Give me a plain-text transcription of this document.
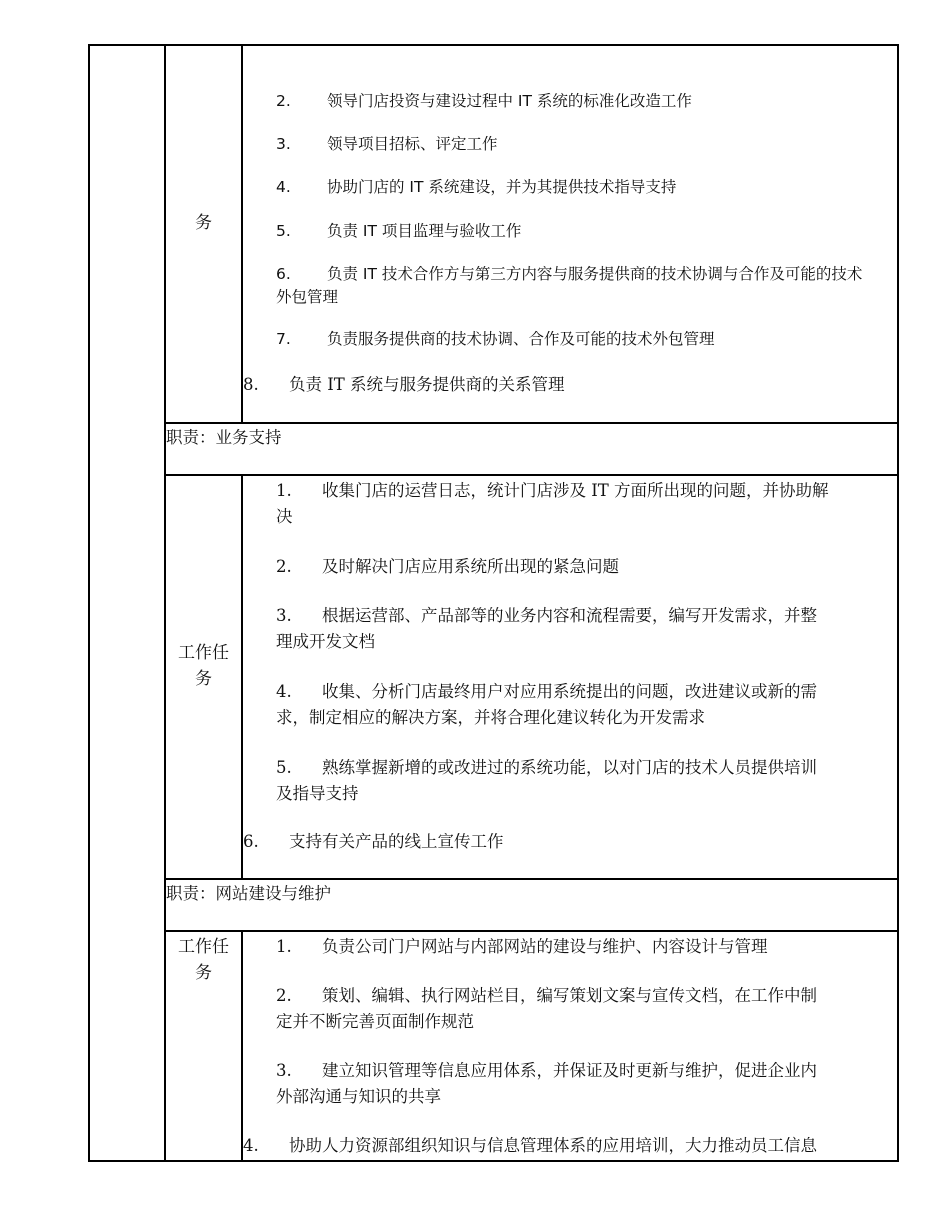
务
2. 领导门店投资与建设过程中 IT 系统的标准化改造工作
3. 领导项目招标、评定工作
4. 协助门店的 IT 系统建设，并为其提供技术指导支持
5. 负责 IT 项目监理与验收工作
6. 负责 IT 技术合作方与第三方内容与服务提供商的技术协调与合作及可能的技术
外包管理
7. 负责服务提供商的技术协调、合作及可能的技术外包管理
8. 负责 IT 系统与服务提供商的关系管理
职责：业务支持
工作任
务
1. 收集门店的运营日志，统计门店涉及 IT 方面所出现的问题，并协助解
决
2. 及时解决门店应用系统所出现的紧急问题
3. 根据运营部、产品部等的业务内容和流程需要，编写开发需求，并整
理成开发文档
4. 收集、分析门店最终用户对应用系统提出的问题，改进建议或新的需
求，制定相应的解决方案，并将合理化建议转化为开发需求
5. 熟练掌握新增的或改进过的系统功能，以对门店的技术人员提供培训
及指导支持
6. 支持有关产品的线上宣传工作
职责：网站建设与维护
工作任
务
1. 负责公司门户网站与内部网站的建设与维护、内容设计与管理
2. 策划、编辑、执行网站栏目，编写策划文案与宣传文档，在工作中制
定并不断完善页面制作规范
3. 建立知识管理等信息应用体系，并保证及时更新与维护，促进企业内
外部沟通与知识的共享
4. 协助人力资源部组织知识与信息管理体系的应用培训，大力推动员工信息
